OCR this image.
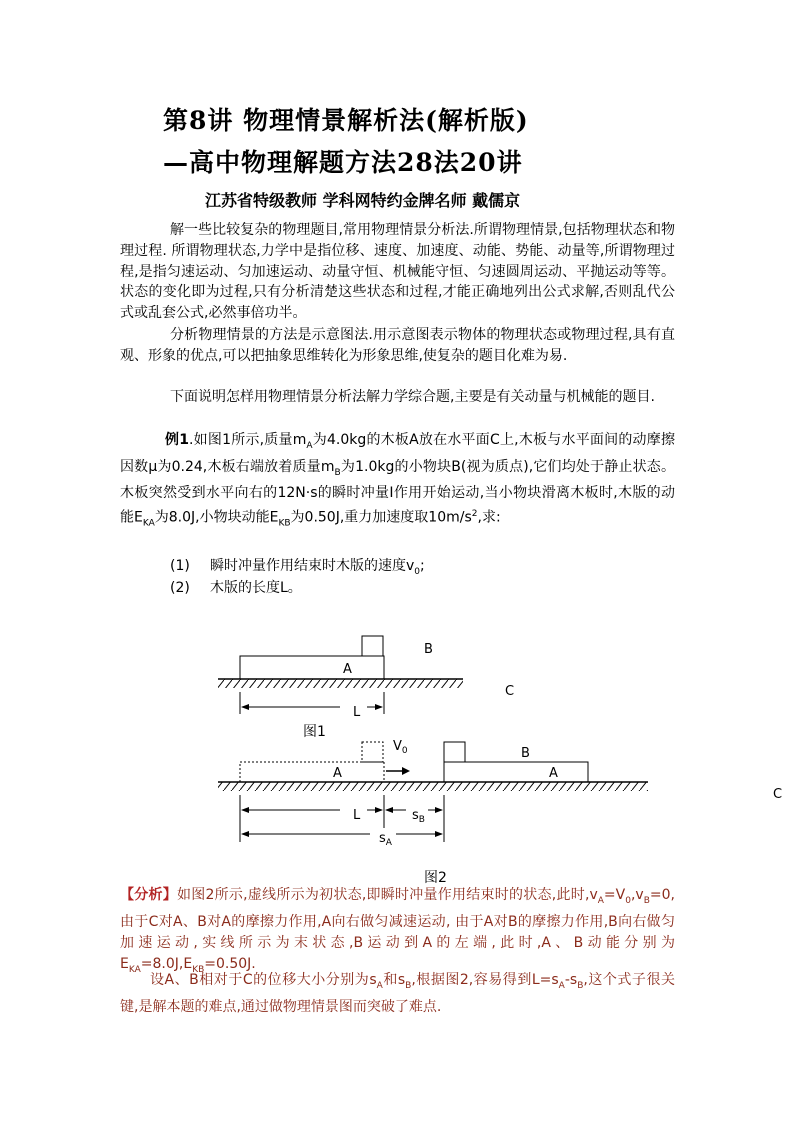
第8讲 物理情景解析法(解析版)
—高中物理解题方法28法20讲
江苏省特级教师 学科网特约金牌名师 戴儒京
解一些比较复杂的物理题目,常用物理情景分析法.所谓物理情景,包括物理状态和物理过程. 所谓物理状态,力学中是指位移、速度、加速度、动能、势能、动量等,所谓物理过程,是指匀速运动、匀加速运动、动量守恒、机械能守恒、匀速圆周运动、平抛运动等等。状态的变化即为过程,只有分析清楚这些状态和过程,才能正确地列出公式求解,否则乱代公式或乱套公式,必然事倍功半。
分析物理情景的方法是示意图法.用示意图表示物体的物理状态或物理过程,具有直观、形象的优点,可以把抽象思维转化为形象思维,使复杂的题目化难为易.
下面说明怎样用物理情景分析法解力学综合题,主要是有关动量与机械能的题目.
例1.如图1所示,质量$m_A$为4.0kg的木板A放在水平面C上,木板与水平面间的动摩擦因数μ为0.24,木板右端放着质量$m_B$为1.0kg的小物块B(视为质点),它们均处于静止状态。木板突然受到水平向右的12N·s的瞬时冲量I作用开始运动,当小物块滑离木板时,木版的动能$E_{KA}$为8.0J,小物块动能$E_{KB}$为0.50J,重力加速度取$10m/s^2$,求:
(1) 瞬时冲量作用结束时木版的速度$v_0$;
(2) 木版的长度L。
A
B
C
L
图1
A
$V_0$
A
B
C
L	$s_B$
$s_A$
图2
【分析】如图2所示,虚线所示为初状态,即瞬时冲量作用结束时的状态,此时$,v_A=V_0,v_B=0$,由于C对A、B对A的摩擦力作用,A向右做匀减速运动, 由于A对B的摩擦力作用,B向右做匀加速运动,实线所示为末状态,B运动到A的左端,此时,A、B动能分别为$E_{KA}=8.0J,E_{KB}=0.50J$.
设A、B相对于C的位移大小分别为$s_A$和$s_B$,根据图2,容易得到$L=s_A-s_B$,这个式子很关键,是解本题的难点,通过做物理情景图而突破了难点.
